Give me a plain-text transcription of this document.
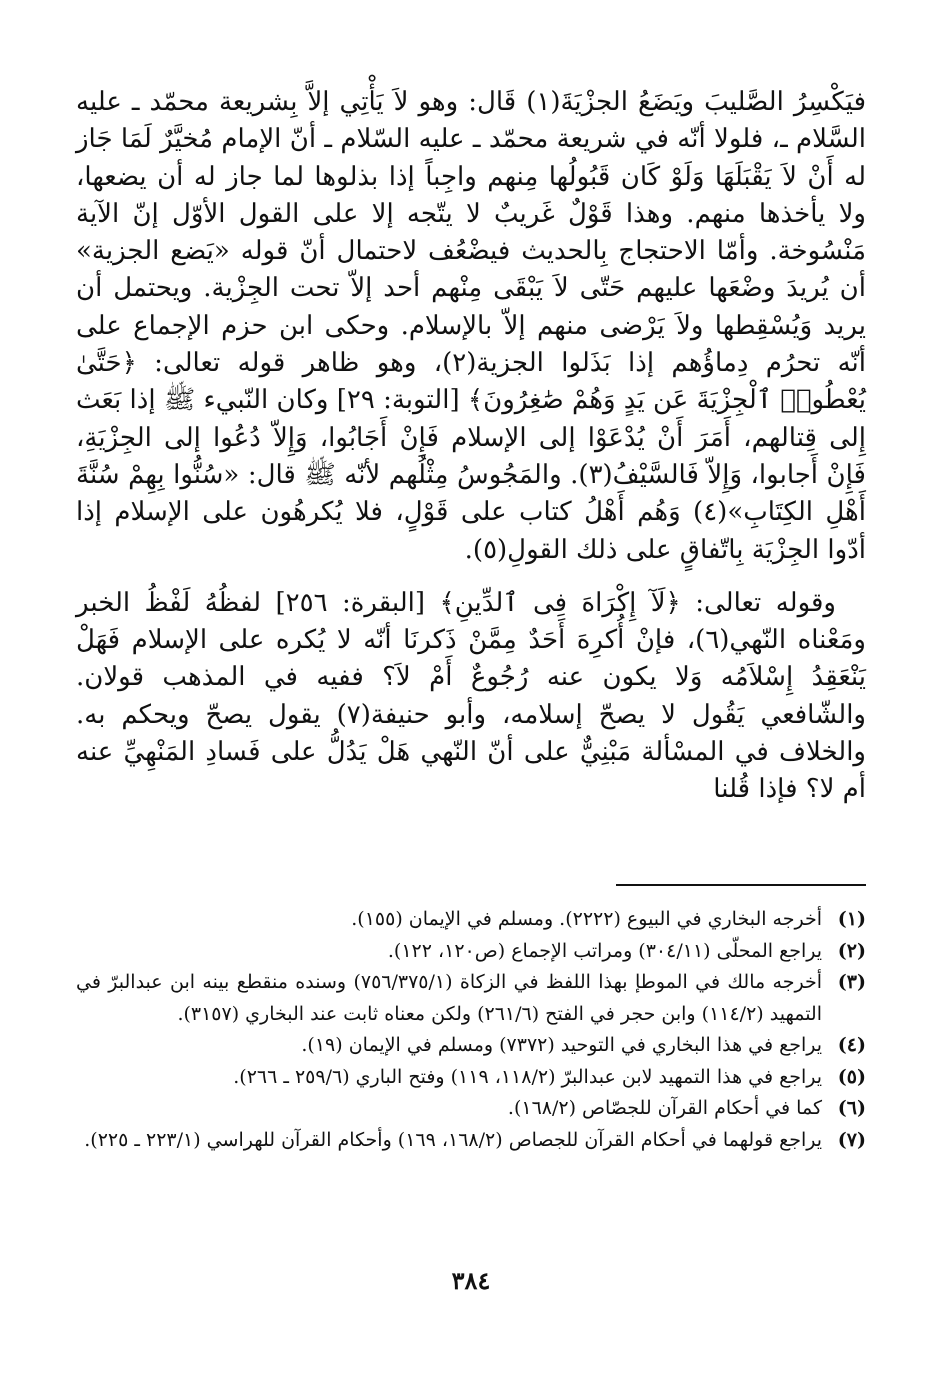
فيَكْسِرُ الصَّليبَ ويَضَعُ الجزْيَةَ(١) قَال: وهو لاَ يَأْتِي إلاَّ بِشريعة محمّد ـ عليه السَّلام ـ، فلولا أنّه في شريعة محمّد ـ عليه السّلام ـ أنّ الإمام مُخيَّرٌ لَمَا جَاز له أَنْ لاَ يَقْبَلَهَا وَلَوْ كَان قَبُولُها مِنهم واجِباً إذا بذلوها لما جاز له أن يضعها، ولا يأخذها منهم. وهذا قَوْلٌ غَريبٌ لا يتّجه إلا على القول الأوّل إنّ الآية مَنْسُوخة. وأمّا الاحتجاج بِالحديث فيضْعُف لاحتمال أنّ قوله «يَضع الجزية» أن يُريدَ وضْعَها عليهم حَتّى لاَ يَبْقَى مِنْهم أحد إلاّ تحت الجِزْية. ويحتمل أن يريد وَيُسْقِطها ولاَ يَرْضى منهم إلاّ بالإسلام. وحكى ابن حزم الإجماع على أنّه تحرُم دِماؤُهم إذا بَذَلوا الجزية(٢)، وهو ظاهر قوله تعالى: ﴿حَتَّىٰ يُعْطُوا۟ ٱلْجِزْيَةَ عَن يَدٍ وَهُمْ صَٰغِرُونَ﴾ [التوبة: ٢٩] وكان النّبيء ﷺ إذا بَعَث إِلى قِتالهم، أَمَرَ أَنْ يُدْعَوْا إلى الإسلام فَإِنْ أَجَابُوا، وَإِلاّ دُعُوا إلى الجِزْيَةِ، فَإِنْ أَجابوا، وَإِلاّ فَالسَّيْفُ(٣). والمَجُوسُ مِثْلُهم لأنّه ﷺ قال: «سُنُّوا بِهِمْ سُنَّةَ أَهْلِ الكِتَابِ»(٤) وَهُم أَهْلُ كتاب على قَوْلٍ، فلا يُكرهُون على الإسلام إذا أدّوا الجِزْيَة بِاتّفاقٍ على ذلك القولِ(٥).

وقوله تعالى: ﴿لَآ إِكْرَاهَ فِى ٱلدِّينِ﴾ [البقرة: ٢٥٦] لفظُهُ لَفْظُ الخبر ومَعْناه النّهي(٦)، فإنْ أُكرِهَ أَحَدٌ مِمَّنْ ذَكرنَا أنّه لا يُكره على الإسلام فَهَلْ يَنْعَقِدُ إِسْلاَمُه وَلا يكون عنه رُجُوعٌ أَمْ لاَ؟ ففيه في المذهب قولان. والشّافعي يَقُول لا يصحّ إسلامه، وأبو حنيفة(٧) يقول يصحّ ويحكم به. والخلاف في المسْألة مَبْنِيٌّ على أنّ النّهي هَلْ يَدُلُّ على فَسادِ المَنْهِيِّ عنه أم لا؟ فإذا قُلنا

(١)
أخرجه البخاري في البيوع (٢٢٢٢). ومسلم في الإيمان (١٥٥).
(٢)
يراجع المحلّى (٣٠٤/١١) ومراتب الإجماع (ص١٢٠، ١٢٢).
(٣)
أخرجه مالك في الموطإ بهذا اللفظ في الزكاة (٧٥٦/٣٧٥/١) وسنده منقطع بينه ابن عبدالبرّ في التمهيد (١١٤/٢) وابن حجر في الفتح (٢٦١/٦) ولكن معناه ثابت عند البخاري (٣١٥٧).
(٤)
يراجع في هذا البخاري في التوحيد (٧٣٧٢) ومسلم في الإيمان (١٩).
(٥)
يراجع في هذا التمهيد لابن عبدالبرّ (١١٨/٢، ١١٩) وفتح الباري (٢٥٩/٦ ـ ٢٦٦).
(٦)
كما في أحكام القرآن للجصّاص (١٦٨/٢).
(٧)
يراجع قولهما في أحكام القرآن للجصاص (١٦٨/٢، ١٦٩) وأحكام القرآن للهراسي (٢٢٣/١ ـ ٢٢٥).
٣٨٤
